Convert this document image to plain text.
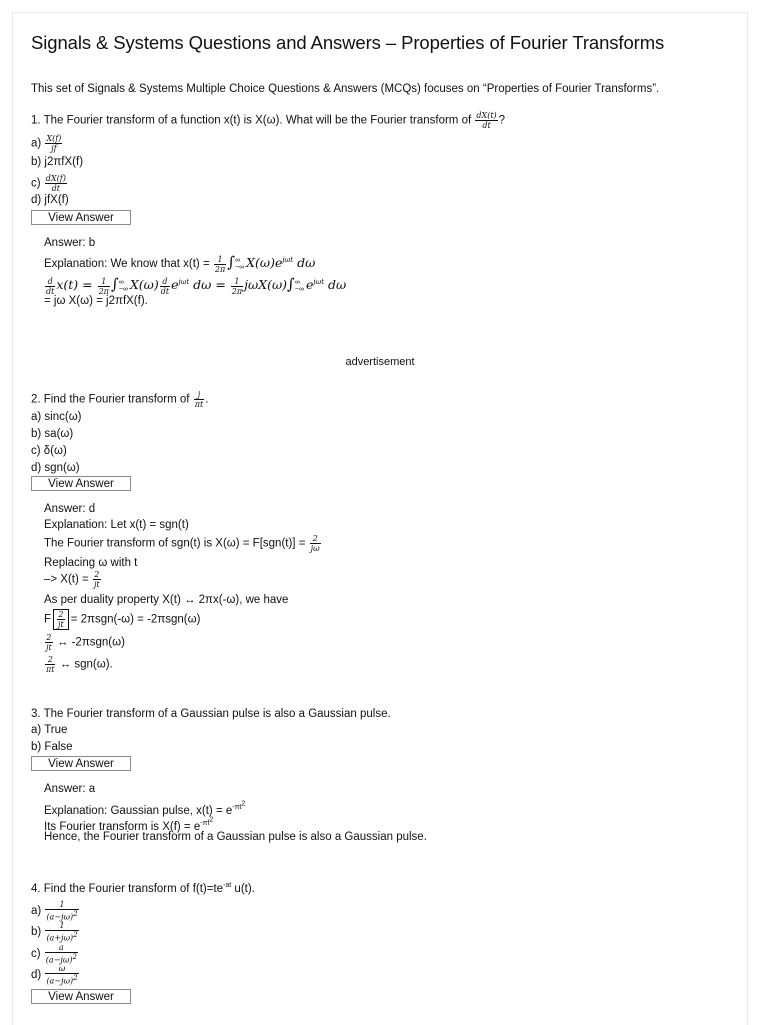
Signals & Systems Questions and Answers – Properties of Fourier Transforms
This set of Signals & Systems Multiple Choice Questions & Answers (MCQs) focuses on “Properties of Fourier Transforms”.
1. The Fourier transform of a function x(t) is X(ω). What will be the Fourier transform of $\frac{dX(t)}{dt}$ ?
$a) \frac{X(f)}{jf}$
b) j2πfX(f)
$c) \frac{dX(f)}{dt}$
d) jfX(f)
View Answer
Answer: b
Explanation: We know that $x(t) = \frac{1}{2\pi}$ ∫∞
−∞ $X(\omega)e^{j\omega t}$ dω
$\frac{d}{dt} x(t) = \frac{1}{2\pi}$ ∫∞
−∞ $X(\omega) \frac{d}{dt} e^{j\omega t}$ $d\omega = \frac{1}{2\pi} j\omega X(\omega)\int\infty$
−∞ $e^{j\omega t}$ dω
= jω X(ω) = j2πfX(f).
advertisement
2. Find the Fourier transform of $\frac{j}{\pi t}$ .
a) sinc(ω)
b) sa(ω)
c) δ(ω)
d) sgn(ω)
View Answer
Answer: d
Explanation: Let x(t) = sgn(t)
The Fourier transform of sgn(t) is $X(\omega) = F[sgn(t)] = \frac{2}{j\omega}$
Replacing ω with t
–> $X(t) = \frac{2}{jt}$
As per duality property X(t) ↔ 2πx(-ω), we have
F $\frac{2}{jt} = 2\pi sgn(-\omega) = -2\pi sgn(\omega)$
$\frac{2}{jt}$ ↔ -2πsgn(ω)
$\frac{2}{\pi t}$ ↔ sgn(ω).
3. The Fourier transform of a Gaussian pulse is also a Gaussian pulse.
a) True
b) False
View Answer
Answer: a
Explanation: Gaussian pulse, $x(t) = e^{-\pi t^2}$
Its Fourier transform is $X(f) = e^{-\pi f^2}$
Hence, the Fourier transform of a Gaussian pulse is also a Gaussian pulse.
4. Find the Fourier transform of $f(t)=te^{-at}$ u(t).
$a) \frac{1}{(a-j\omega)^2}$
$b) \frac{1}{(a+j\omega)^2}$
$c) \frac{a}{(a-j\omega)^2}$
$d) \frac{\omega}{(a-j\omega)^2}$
View Answer
